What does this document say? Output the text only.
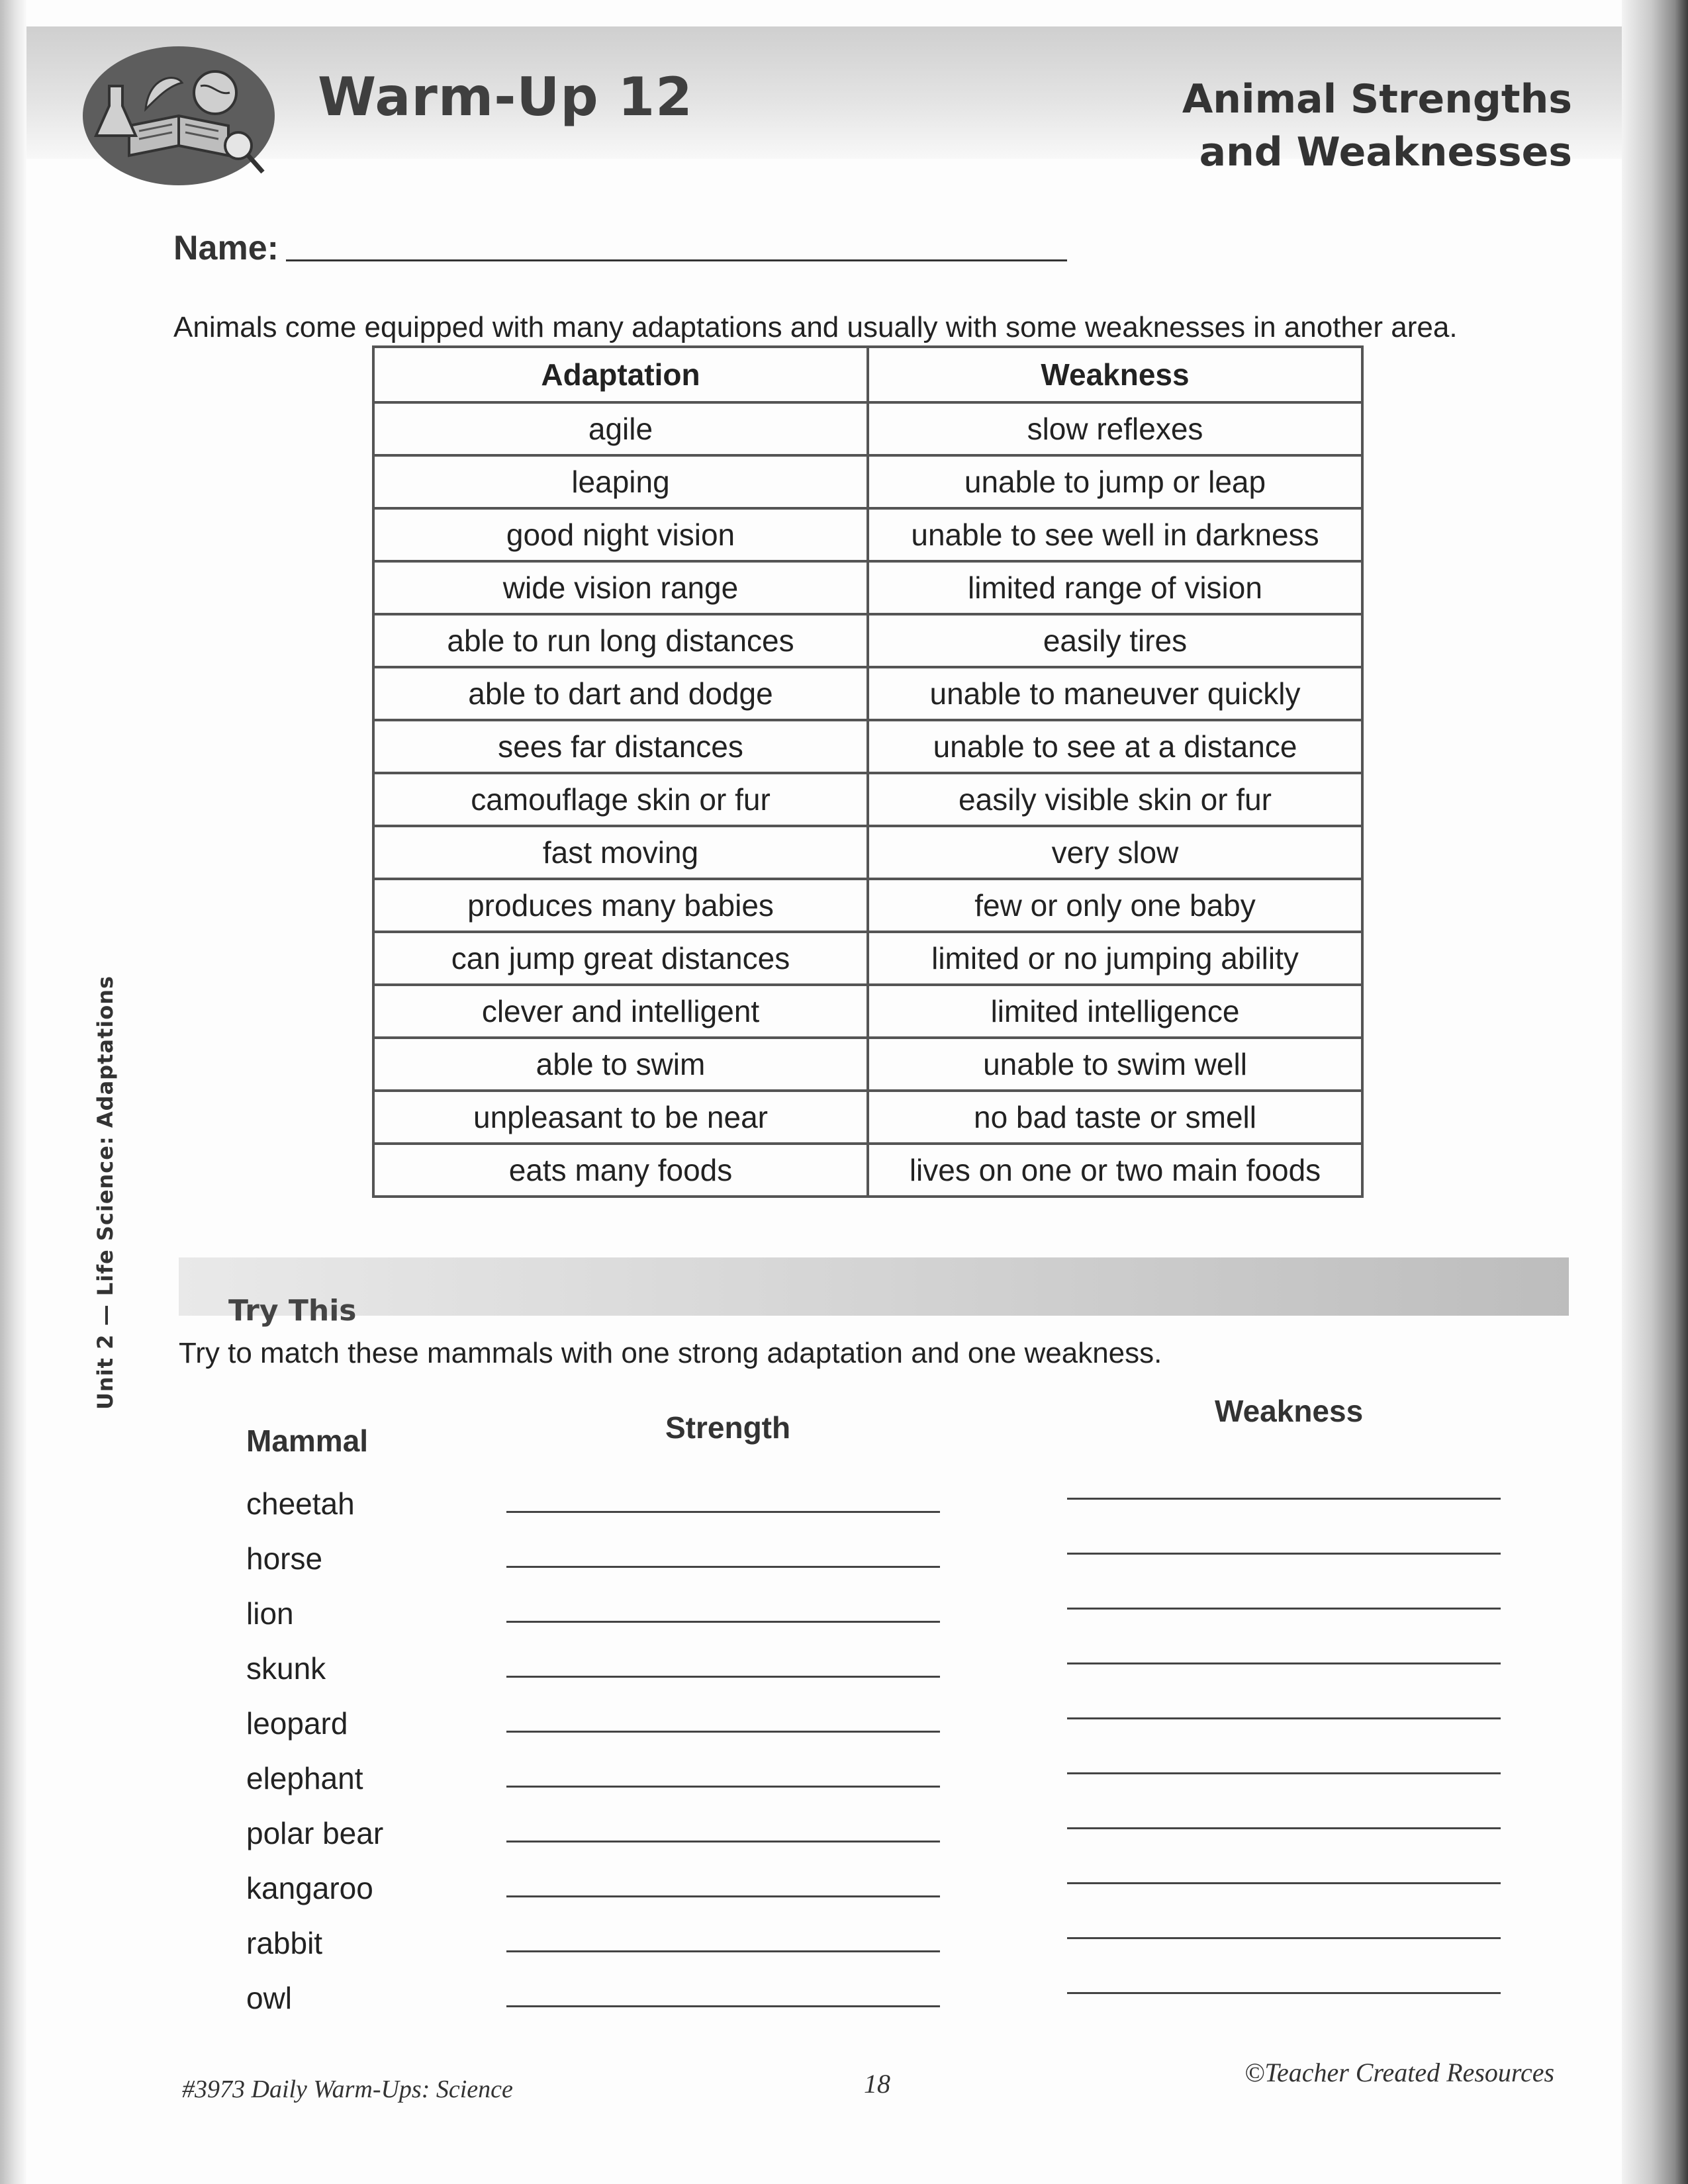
Warm-Up 12	Animal Strengths
and Weaknesses
Name:
Animals come equipped with many adaptations and usually with some weaknesses in another area.
Adaptation	Weakness
agile	slow reflexes
leaping	unable to jump or leap
good night vision	unable to see well in darkness
wide vision range	limited range of vision
able to run long distances	easily tires
able to dart and dodge	unable to maneuver quickly
sees far distances	unable to see at a distance
camouflage skin or fur	easily visible skin or fur
fast moving	very slow
produces many babies	few or only one baby
can jump great distances	limited or no jumping ability
clever and intelligent	limited intelligence
able to swim	unable to swim well
unpleasant to be near	no bad taste or smell
eats many foods	lives on one or two main foods
Try This
Try to match these mammals with one strong adaptation and one weakness.
Mammal	Strength	Weakness
cheetah
horse
lion
skunk
leopard
elephant
polar bear
kangaroo
rabbit
owl
Unit 2 — Life Science: Adaptations
#3973 Daily Warm-Ups: Science	18	©Teacher Created Resources
